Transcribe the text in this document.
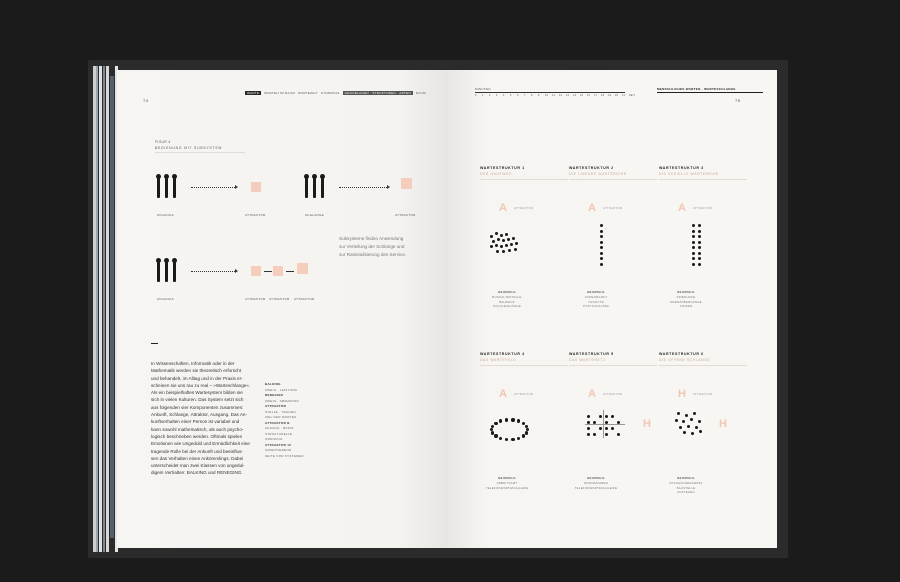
74
WARTE	WARTEN IM RAUM WARTEZEIT STIMMUNG	GRUNDLAGEN · STRUKTUREN · ARTEN	RAUM
FIGUR 4
BEDIENUNG MIT SUBSYSTEM
ZUGANGS	ATTRAKTOR	SCHLANGE	ATTRAKTOR
ZUGANGS	ATTRAKTOR ATTRAKTOR ATTRAKTOR
Subsysteme finden Anwendung
zur Verteilung der Schlange und
zur Rationalisierung des Service.
In Wissenschaften, Informatik oder in der
Mathematik werden sie theoretisch erforscht
und behandelt, im Alltag und in der Praxis er-
scheinen sie uns rau zu real – »Warteschlange«.
Als ein beispielhaftes Wartesystem bilden sie
sich in vielen Kulturen. Das System setzt sich
aus folgenden vier Komponenten zusammen:
Ankunft, Schlange, Attraktor, Ausgang. Das An-
kunftverhalten einer Person ist variabel und
kann sowohl mathematisch, als auch psycho-
logisch beschrieben werden. Oftmals spielen
Emotionen wie Ungeduld und Ermüdlichkeit eine
tragende Rolle bei der Ankunft und beeinflus-
sen das Verhalten eines Ankömmlings. Dabei
unterscheidet man zwei Klassen von ungedul-
digem Verhalten: BALKING und RENEGING.
BALKING
ZWEIG · LEISTUNG
RENEGING
ZWEIG · ABWARTEN
ATTRAKTOR
STELLE · TRAGEN
ZIEL DER WARTEN
ATTRAKTOR B
ZUGANG · BASIS
STRUKTURELLE
ORDNUNG
ATTRAKTOR 10
ORIENTIEREND
SEITE VON SYSTEMEN
MINUTEN
0 1 2 3 4 5 6 7 8 9 10 11 12 13 14 15 16 17 18 19 20 21 ZEIT
MENSCHLICHES WARTEN · WARTESCHLANGE
75
WARTESTRUKTUR 1
DER HAUFWEG
A	ATTRAKTOR
BEISPIELE
BUSHALTESTELLE
BAHNHOF
SCHULEINGÄNGE
WARTESTRUKTUR 2
DIE LINEARE WARTEREIHE
A	ATTRAKTOR
BEISPIELE
SUPERMARKT
TOILETTE
POSTSCHALTER
WARTESTRUKTUR 3
DIE SERIELLE WARTEREIHE
A	ATTRAKTOR
BEISPIELE
FRIEDHOFE
GRENZÜBERGÄNGE
TANKEN
WARTESTRUKTUR 4
DAS WARTEFELD
A	ATTRAKTOR
BEISPIELE
ARBEITSAMT
TELEFONWARTESCHLEIFE
WARTESTRUKTUR 5
DAS WARTENETZ
A	ATTRAKTOR
BEISPIELE
WARTEZIMMER
TELEFONWARTESCHLEIFE
WARTESTRUKTUR 6
DIE OFFENE SCHLANGE
H	ATTRAKTOR
BEISPIELE
FUSSGÄNGERAMPEL
BAUSTELLE
ANSTEHEN
H	H
